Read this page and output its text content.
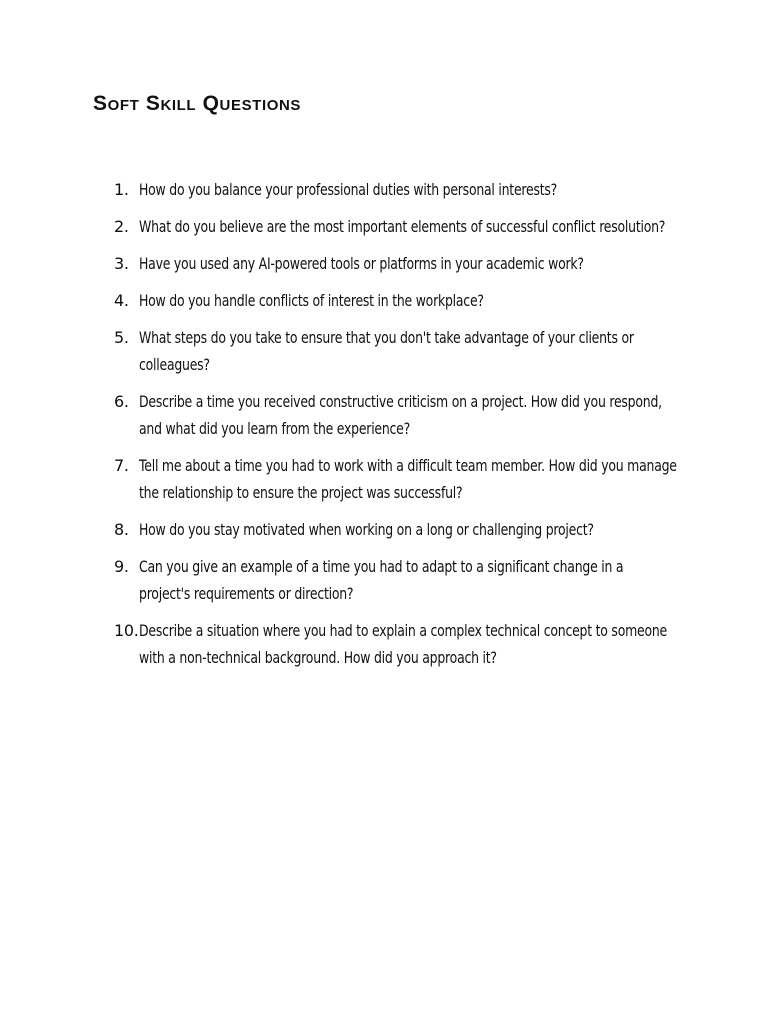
Soft Skill Questions
1. How do you balance your professional duties with personal interests?
2. What do you believe are the most important elements of successful conflict resolution?
3. Have you used any AI-powered tools or platforms in your academic work?
4. How do you handle conflicts of interest in the workplace?
5. What steps do you take to ensure that you don't take advantage of your clients or colleagues?
6. Describe a time you received constructive criticism on a project. How did you respond, and what did you learn from the experience?
7. Tell me about a time you had to work with a difficult team member. How did you manage the relationship to ensure the project was successful?
8. How do you stay motivated when working on a long or challenging project?
9. Can you give an example of a time you had to adapt to a significant change in a project's requirements or direction?
10. Describe a situation where you had to explain a complex technical concept to someone with a non-technical background. How did you approach it?
